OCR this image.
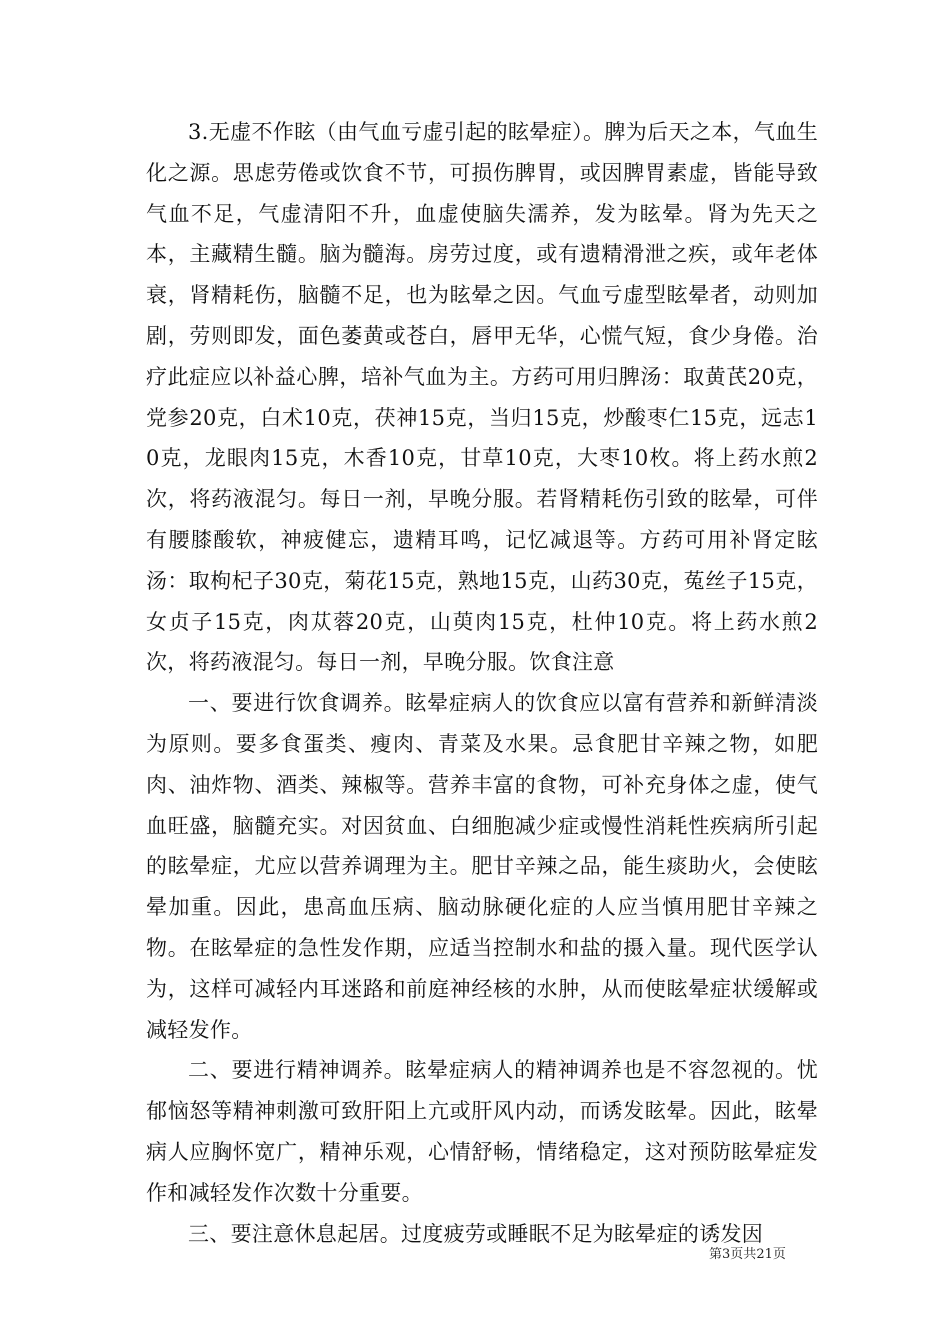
3.无虚不作眩（由气血亏虚引起的眩晕症）。脾为后天之本，气血生化之源。思虑劳倦或饮食不节，可损伤脾胃，或因脾胃素虚，皆能导致气血不足，气虚清阳不升，血虚使脑失濡养，发为眩晕。肾为先天之本，主藏精生髓。脑为髓海。房劳过度，或有遗精滑泄之疾，或年老体衰，肾精耗伤，脑髓不足，也为眩晕之因。气血亏虚型眩晕者，动则加剧，劳则即发，面色萎黄或苍白，唇甲无华，心慌气短，食少身倦。治疗此症应以补益心脾，培补气血为主。方药可用归脾汤：取黄芪20克，党参20克，白术10克，茯神15克，当归15克，炒酸枣仁15克，远志10克，龙眼肉15克，木香10克，甘草10克，大枣10枚。将上药水煎2次，将药液混匀。每日一剂，早晚分服。若肾精耗伤引致的眩晕，可伴有腰膝酸软，神疲健忘，遗精耳鸣，记忆减退等。方药可用补肾定眩汤：取枸杞子30克，菊花15克，熟地15克，山药30克，菟丝子15克，女贞子15克，肉苁蓉20克，山萸肉15克，杜仲10克。将上药水煎2次，将药液混匀。每日一剂，早晚分服。饮食注意

一、要进行饮食调养。眩晕症病人的饮食应以富有营养和新鲜清淡为原则。要多食蛋类、瘦肉、青菜及水果。忌食肥甘辛辣之物，如肥肉、油炸物、酒类、辣椒等。营养丰富的食物，可补充身体之虚，使气血旺盛，脑髓充实。对因贫血、白细胞减少症或慢性消耗性疾病所引起的眩晕症，尤应以营养调理为主。肥甘辛辣之品，能生痰助火，会使眩晕加重。因此，患高血压病、脑动脉硬化症的人应当慎用肥甘辛辣之物。在眩晕症的急性发作期，应适当控制水和盐的摄入量。现代医学认为，这样可减轻内耳迷路和前庭神经核的水肿，从而使眩晕症状缓解或减轻发作。

二、要进行精神调养。眩晕症病人的精神调养也是不容忽视的。忧郁恼怒等精神刺激可致肝阳上亢或肝风内动，而诱发眩晕。因此，眩晕病人应胸怀宽广，精神乐观，心情舒畅，情绪稳定，这对预防眩晕症发作和减轻发作次数十分重要。

三、要注意休息起居。过度疲劳或睡眠不足为眩晕症的诱发因

第3页共21页
